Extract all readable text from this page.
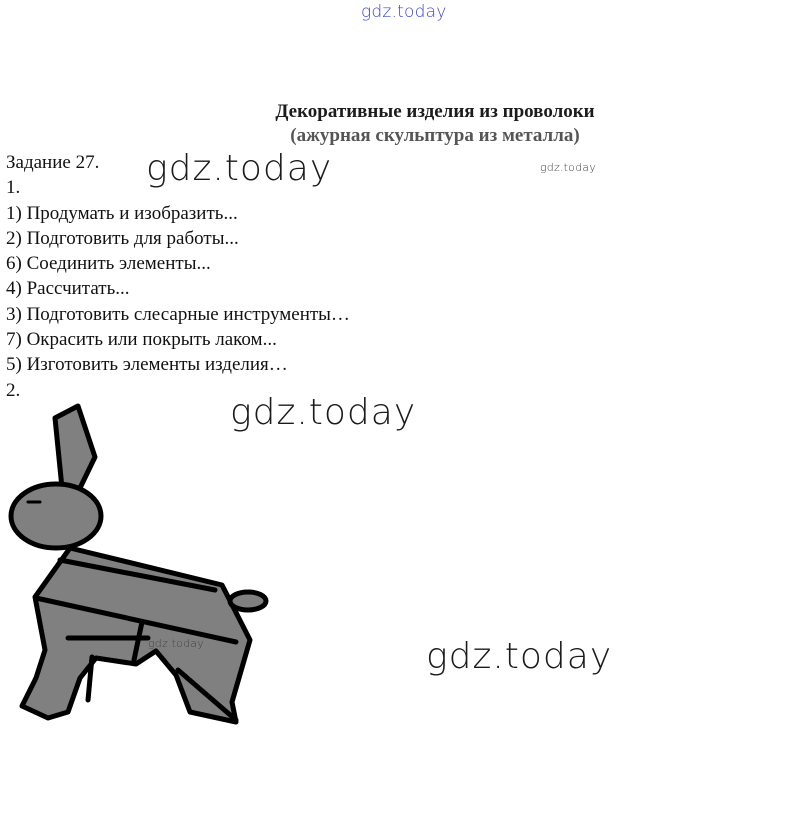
gdz.today
Декоративные изделия из проволоки
(ажурная скульптура из металла)
Задание 27.
1.
1) Продумать и изобразить...
2) Подготовить для работы...
6) Соединить элементы...
4) Рассчитать...
3) Подготовить слесарные инструменты…
7) Окрасить или покрыть лаком...
5) Изготовить элементы изделия…
2.
gdz.today	gdz.today
gdz.today
gdz.today	gdz.today
